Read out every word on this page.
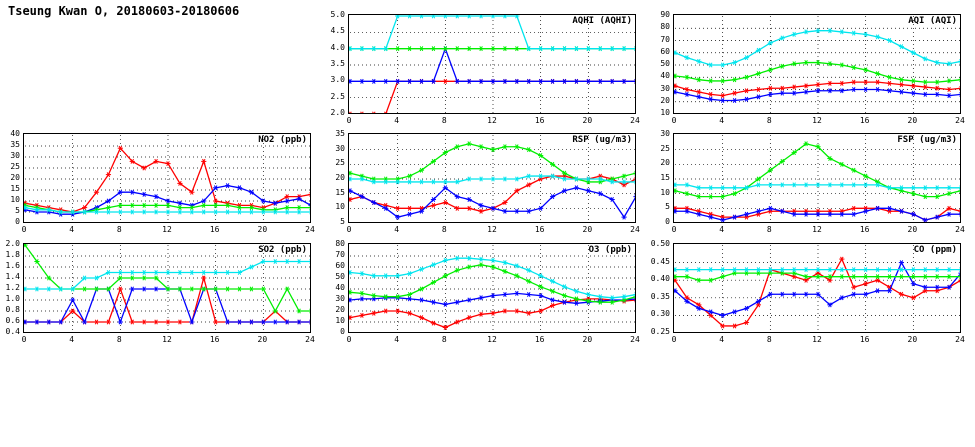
Tseung Kwan O, 20180603-20180606
AQHI (AQHI)
2.0
2.5
3.0
3.5
4.0
4.5
5.0
0	4	8	12	16	20	24
AQI (AQI)
10
20
30
40
50
60
70
80
90
0	4	8	12	16	20	24
NO2 (ppb)
0
5
10
15
20
25
30
35
40
0	4	8	12	16	20	24
RSP (ug/m3)
5
10
15
20
25
30
35
0	4	8	12	16	20	24
FSP (ug/m3)
0
5
10
15
20
25
30
0	4	8	12	16	20	24
SO2 (ppb)
0.4
0.6
0.8
1.0
1.2
1.4
1.6
1.8
2.0
0	4	8	12	16	20	24
O3 (ppb)
0
10
20
30
40
50
60
70
80
0	4	8	12	16	20	24
CO (ppm)
0.25
0.30
0.35
0.40
0.45
0.50
0	4	8	12	16	20	24
